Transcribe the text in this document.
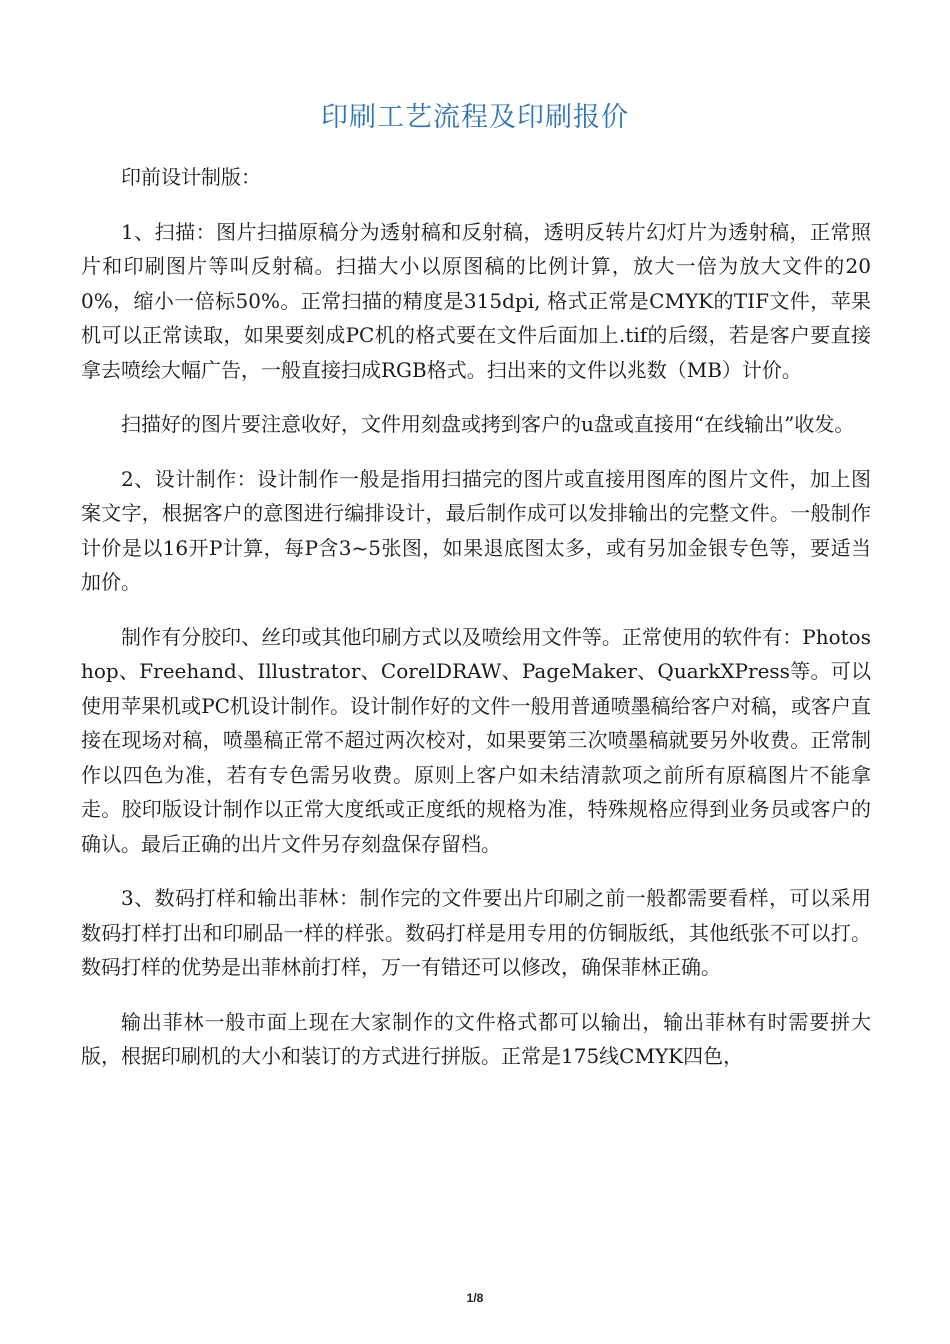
印刷工艺流程及印刷报价

印前设计制版：

1、扫描：图片扫描原稿分为透射稿和反射稿，透明反转片幻灯片为透射稿，正常照片和印刷图片等叫反射稿。扫描大小以原图稿的比例计算，放大一倍为放大文件的200%，缩小一倍标50%。正常扫描的精度是315dpi, 格式正常是CMYK的TIF文件，苹果机可以正常读取，如果要刻成PC机的格式要在文件后面加上.tif的后缀，若是客户要直接拿去喷绘大幅广告，一般直接扫成RGB格式。扫出来的文件以兆数（MB）计价。

扫描好的图片要注意收好，文件用刻盘或拷到客户的u盘或直接用“在线输出”收发。

2、设计制作：设计制作一般是指用扫描完的图片或直接用图库的图片文件，加上图案文字，根据客户的意图进行编排设计，最后制作成可以发排输出的完整文件。一般制作计价是以16开P计算，每P含3~5张图，如果退底图太多，或有另加金银专色等，要适当加价。

制作有分胶印、丝印或其他印刷方式以及喷绘用文件等。正常使用的软件有：Photoshop、Freehand、Illustrator、CorelDRAW、PageMaker、QuarkXPress等。可以使用苹果机或PC机设计制作。设计制作好的文件一般用普通喷墨稿给客户对稿，或客户直接在现场对稿，喷墨稿正常不超过两次校对，如果要第三次喷墨稿就要另外收费。正常制作以四色为准，若有专色需另收费。原则上客户如未结清款项之前所有原稿图片不能拿走。胶印版设计制作以正常大度纸或正度纸的规格为准，特殊规格应得到业务员或客户的确认。最后正确的出片文件另存刻盘保存留档。

3、数码打样和输出菲林：制作完的文件要出片印刷之前一般都需要看样，可以采用数码打样打出和印刷品一样的样张。数码打样是用专用的仿铜版纸，其他纸张不可以打。数码打样的优势是出菲林前打样，万一有错还可以修改，确保菲林正确。

输出菲林一般市面上现在大家制作的文件格式都可以输出，输出菲林有时需要拼大版，根据印刷机的大小和装订的方式进行拼版。正常是175线CMYK四色，

1/8
